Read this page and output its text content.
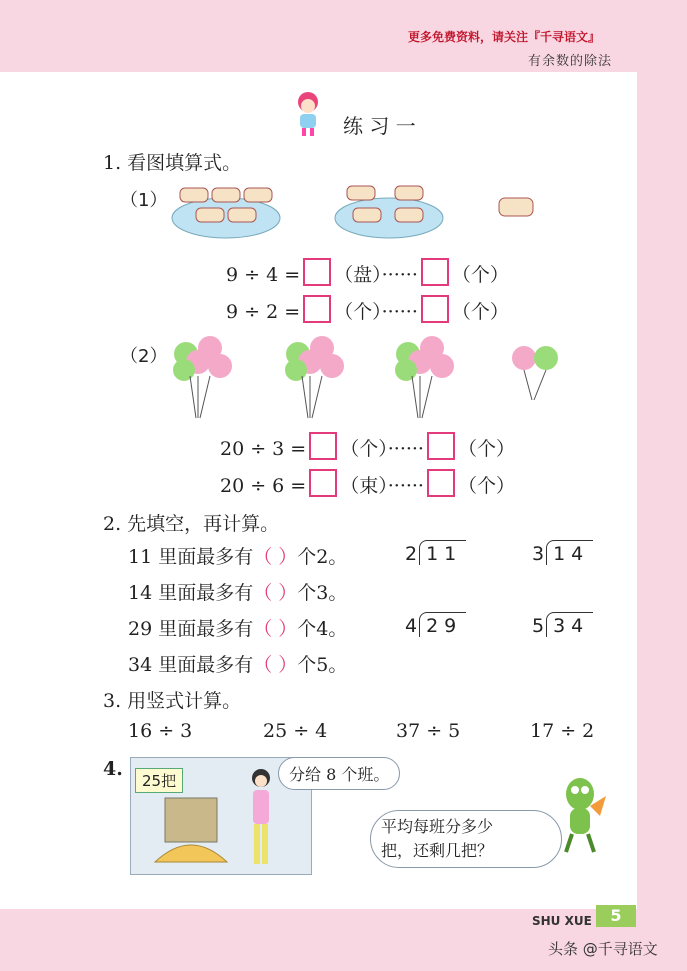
更多免费资料，请关注『千寻语文』
有余数的除法
练 习 一
1. 看图填算式。
（1）
9 ÷ 4 = （盘）······ （个）
9 ÷ 2 = （个）······ （个）
（2）
20 ÷ 3 = （个）······ （个）
20 ÷ 6 = （束）······ （个）
2. 先填空，再计算。
11 里面最多有（ ）个2。
14 里面最多有（ ）个3。
29 里面最多有（ ）个4。
34 里面最多有（ ）个5。
2 11	3 14
4 29	5 34
3. 用竖式计算。
16 ÷ 3	25 ÷ 4	37 ÷ 5	17 ÷ 2
4.
25把	分给 8 个班。
平均每班分多少
把，还剩几把？
SHU XUE	5
头条 @千寻语文
